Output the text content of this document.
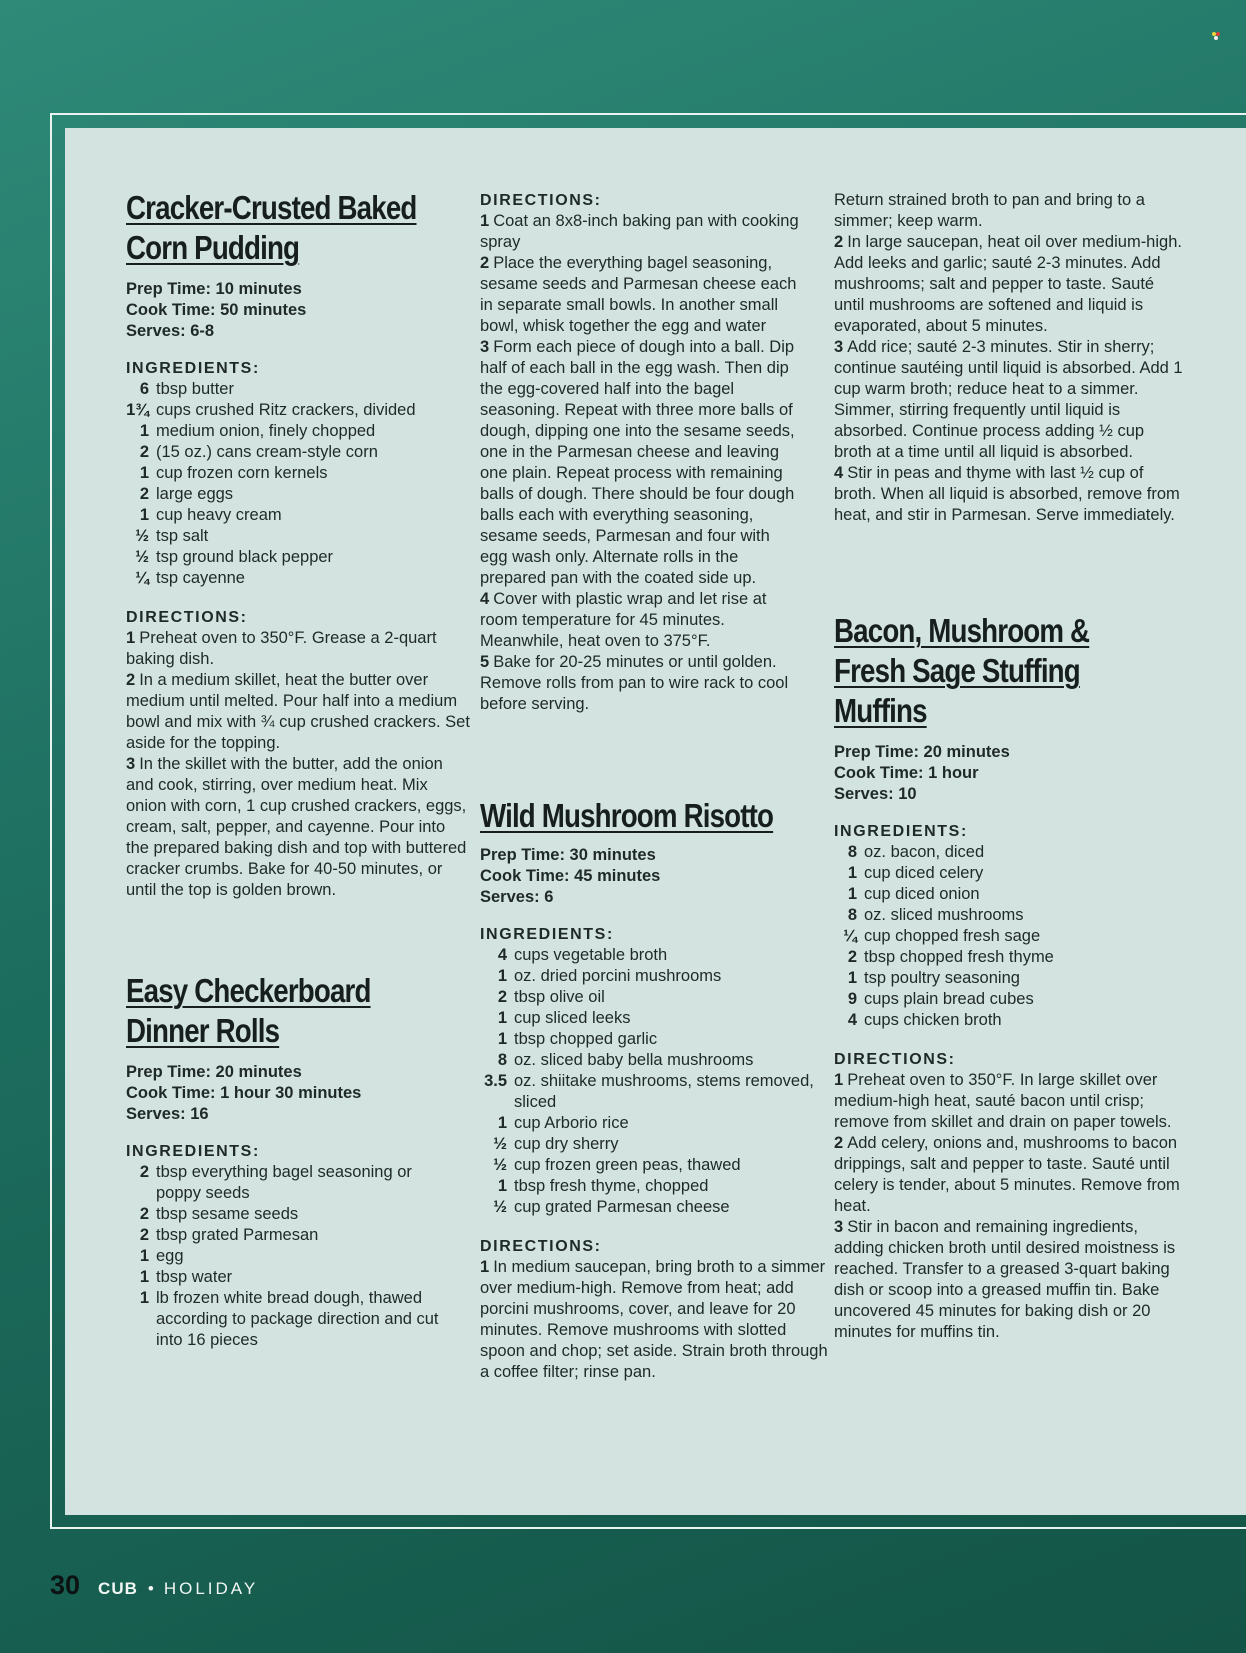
Cracker-Crusted Baked
Corn Pudding

Prep Time: 10 minutes

Cook Time: 50 minutes

Serves: 6-8

INGREDIENTS:

6 tbsp butter
1¾ cups crushed Ritz crackers, divided
1 medium onion, finely chopped
2 (15 oz.) cans cream-style corn
1 cup frozen corn kernels
2 large eggs
1 cup heavy cream
½ tsp salt
½ tsp ground black pepper
¼ tsp cayenne

DIRECTIONS:

1 Preheat oven to 350°F. Grease a 2-quart baking dish.

2 In a medium skillet, heat the butter over medium until melted. Pour half into a medium bowl and mix with ¾ cup crushed crackers. Set aside for the topping.

3 In the skillet with the butter, add the onion and cook, stirring, over medium heat. Mix onion with corn, 1 cup crushed crackers, eggs, cream, salt, pepper, and cayenne. Pour into the prepared baking dish and top with buttered cracker crumbs. Bake for 40-50 minutes, or until the top is golden brown.

Easy Checkerboard
Dinner Rolls

Prep Time: 20 minutes

Cook Time: 1 hour 30 minutes

Serves: 16

INGREDIENTS:

2 tbsp everything bagel seasoning or poppy seeds
2 tbsp sesame seeds
2 tbsp grated Parmesan
1 egg
1 tbsp water
1 lb frozen white bread dough, thawed according to package direction and cut into 16 pieces

DIRECTIONS:

1 Coat an 8x8-inch baking pan with cooking spray

2 Place the everything bagel seasoning, sesame seeds and Parmesan cheese each in separate small bowls. In another small bowl, whisk together the egg and water

3 Form each piece of dough into a ball. Dip half of each ball in the egg wash. Then dip the egg-covered half into the bagel seasoning. Repeat with three more balls of dough, dipping one into the sesame seeds, one in the Parmesan cheese and leaving one plain. Repeat process with remaining balls of dough. There should be four dough balls each with everything seasoning, sesame seeds, Parmesan and four with egg wash only. Alternate rolls in the prepared pan with the coated side up.

4 Cover with plastic wrap and let rise at room temperature for 45 minutes. Meanwhile, heat oven to 375°F.

5 Bake for 20-25 minutes or until golden. Remove rolls from pan to wire rack to cool before serving.

Wild Mushroom Risotto

Prep Time: 30 minutes

Cook Time: 45 minutes

Serves: 6

INGREDIENTS:

4 cups vegetable broth
1 oz. dried porcini mushrooms
2 tbsp olive oil
1 cup sliced leeks
1 tbsp chopped garlic
8 oz. sliced baby bella mushrooms
3.5 oz. shiitake mushrooms, stems removed, sliced
1 cup Arborio rice
½ cup dry sherry
½ cup frozen green peas, thawed
1 tbsp fresh thyme, chopped
½ cup grated Parmesan cheese

DIRECTIONS:

1 In medium saucepan, bring broth to a simmer over medium-high. Remove from heat; add porcini mushrooms, cover, and leave for 20 minutes. Remove mushrooms with slotted spoon and chop; set aside. Strain broth through a coffee filter; rinse pan.

Return strained broth to pan and bring to a simmer; keep warm.

2 In large saucepan, heat oil over medium-high. Add leeks and garlic; sauté 2-3 minutes. Add mushrooms; salt and pepper to taste. Sauté until mushrooms are softened and liquid is evaporated, about 5 minutes.

3 Add rice; sauté 2-3 minutes. Stir in sherry; continue sautéing until liquid is absorbed. Add 1 cup warm broth; reduce heat to a simmer. Simmer, stirring frequently until liquid is absorbed. Continue process adding ½ cup broth at a time until all liquid is absorbed.

4 Stir in peas and thyme with last ½ cup of broth. When all liquid is absorbed, remove from heat, and stir in Parmesan. Serve immediately.

Bacon, Mushroom &
Fresh Sage Stuffing
Muffins

Prep Time: 20 minutes

Cook Time: 1 hour

Serves: 10

INGREDIENTS:

8 oz. bacon, diced
1 cup diced celery
1 cup diced onion
8 oz. sliced mushrooms
¼ cup chopped fresh sage
2 tbsp chopped fresh thyme
1 tsp poultry seasoning
9 cups plain bread cubes
4 cups chicken broth

DIRECTIONS:

1 Preheat oven to 350°F. In large skillet over medium-high heat, sauté bacon until crisp; remove from skillet and drain on paper towels.

2 Add celery, onions and, mushrooms to bacon drippings, salt and pepper to taste. Sauté until celery is tender, about 5 minutes. Remove from heat.

3 Stir in bacon and remaining ingredients, adding chicken broth until desired moistness is reached. Transfer to a greased 3-quart baking dish or scoop into a greased muffin tin. Bake uncovered 45 minutes for baking dish or 20 minutes for muffins tin.

30 CUB • HOLIDAY
